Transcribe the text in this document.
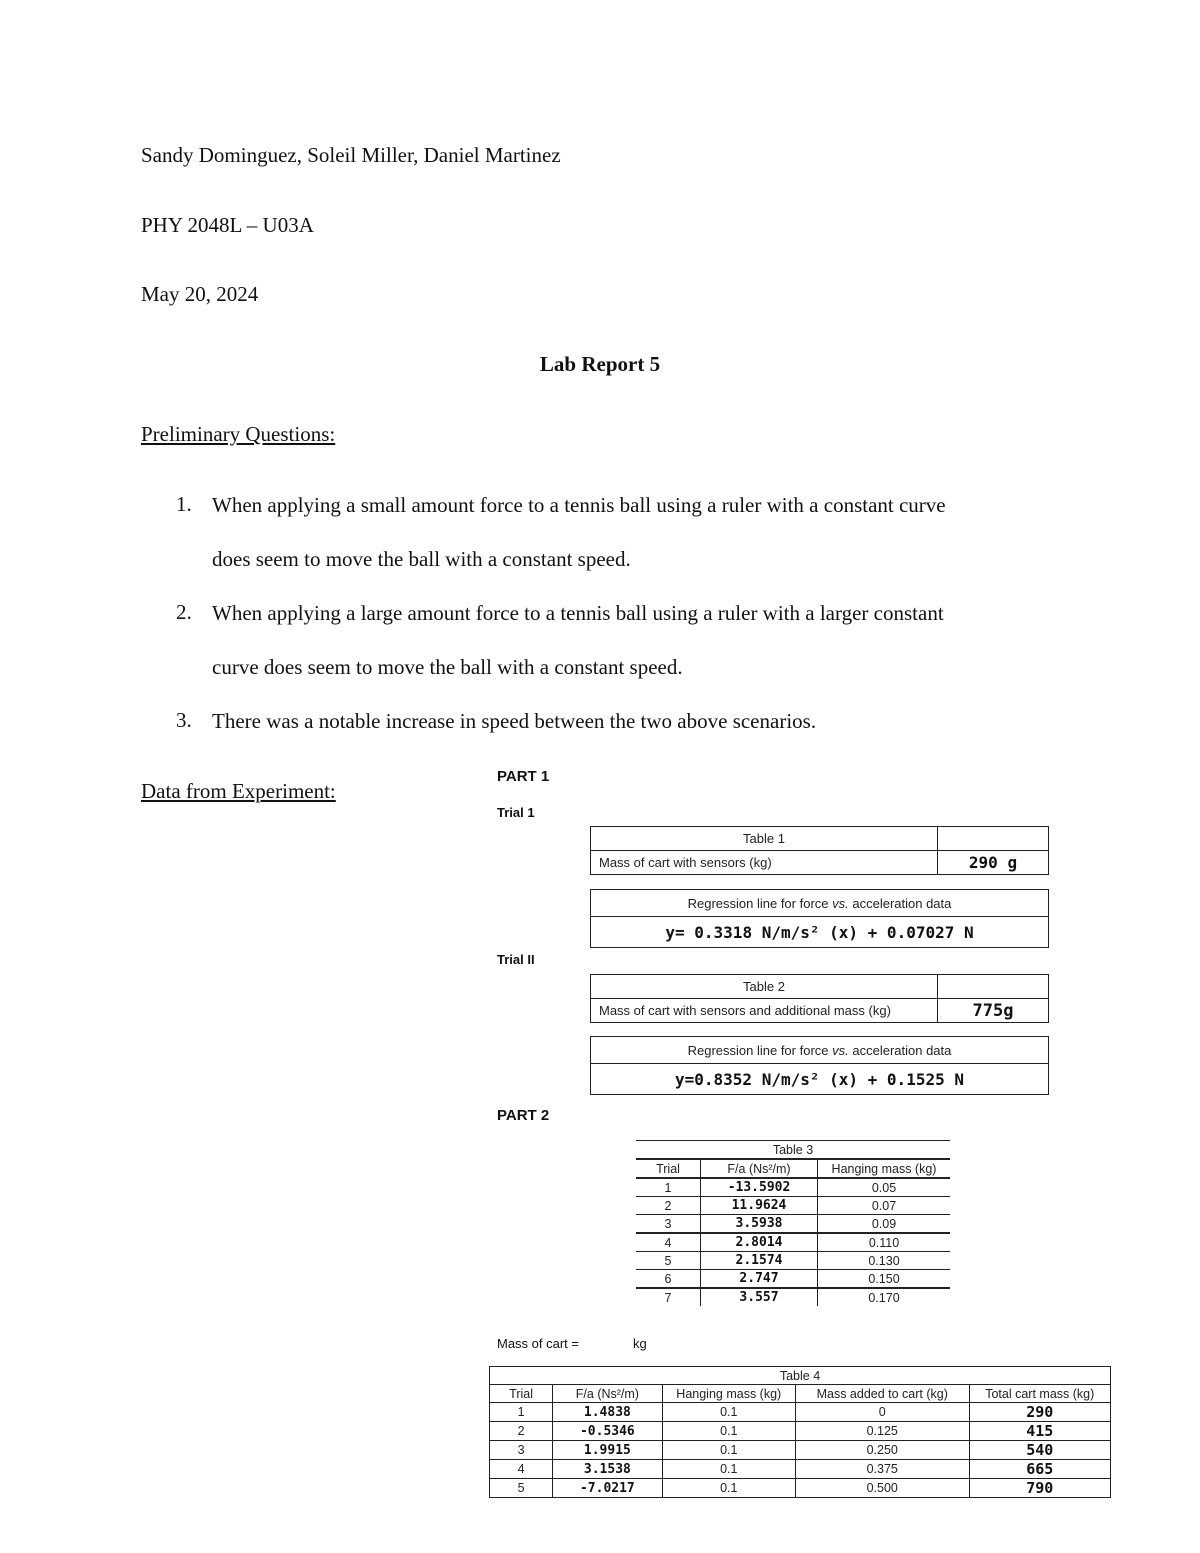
Sandy Dominguez, Soleil Miller, Daniel Martinez
PHY 2048L – U03A
May 20, 2024
Lab Report 5
Preliminary Questions:
1. When applying a small amount force to a tennis ball using a ruler with a constant curve
does seem to move the ball with a constant speed.
2. When applying a large amount force to a tennis ball using a ruler with a larger constant
curve does seem to move the ball with a constant speed.
3. There was a notable increase in speed between the two above scenarios.
Data from Experiment:
PART 1
Trial 1
Table 1	
Mass of cart with sensors (kg)	290 g
Regression line for force vs. acceleration data
y= 0.3318 N/m/s² (x) + 0.07027 N
Trial II
Table 2	
Mass of cart with sensors and additional mass (kg)	775g
Regression line for force vs. acceleration data
y=0.8352 N/m/s² (x) + 0.1525 N
PART 2
Table 3		
Trial	F/a (Ns²/m)	Hanging mass (kg)
1	-13.5902	0.05
2	11.9624	0.07
3	3.5938	0.09
4	2.8014	0.110
5	2.1574	0.130
6	2.747	0.150
7	3.557	0.170
Mass of cart =	kg
Table 4				
Trial	F/a (Ns²/m)	Hanging mass (kg)	Mass added to cart (kg)	Total cart mass (kg)
1	1.4838	0.1	0	290
2	-0.5346	0.1	0.125	415
3	1.9915	0.1	0.250	540
4	3.1538	0.1	0.375	665
5	-7.0217	0.1	0.500	790
